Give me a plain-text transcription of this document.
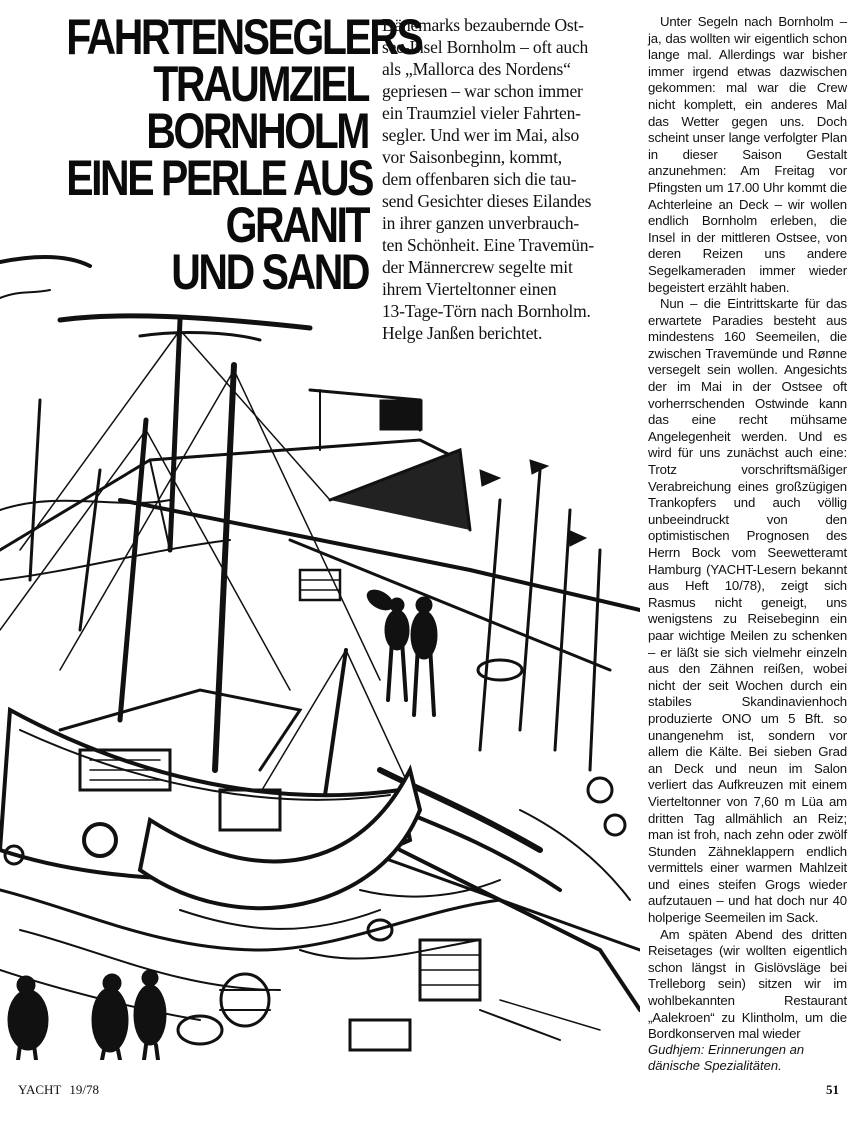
FAHRTENSEGLERS
TRAUMZIEL
BORNHOLM
EINE PERLE AUS
GRANIT
UND SAND
Dänemarks bezaubernde Ost-
see-Insel Bornholm – oft auch
als „Mallorca des Nordens“
gepriesen – war schon immer
ein Traumziel vieler Fahrten-
segler. Und wer im Mai, also
vor Saisonbeginn, kommt,
dem offenbaren sich die tau-
send Gesichter dieses Eilandes
in ihrer ganzen unverbrauch-
ten Schönheit. Eine Travemün-
der Männercrew segelte mit
ihrem Vierteltonner einen
13-Tage-Törn nach Bornholm.
Helge Janßen berichtet.

Unter Segeln nach Bornholm – ja, das wollten wir eigentlich schon lange mal. Allerdings war bisher immer irgend etwas dazwischen gekommen: mal war die Crew nicht komplett, ein anderes Mal das Wetter gegen uns. Doch scheint unser lange verfolgter Plan in dieser Saison Gestalt anzunehmen: Am Freitag vor Pfingsten um 17.00 Uhr kommt die Achterleine an Deck – wir wollen endlich Bornholm erleben, die Insel in der mittleren Ostsee, von deren Reizen uns andere Segelkameraden immer wieder begeistert erzählt haben.

Nun – die Eintrittskarte für das erwartete Paradies besteht aus mindestens 160 Seemeilen, die zwischen Travemünde und Rønne versegelt sein wollen. Angesichts der im Mai in der Ostsee oft vorherrschenden Ostwinde kann das eine recht mühsame Angelegenheit werden. Und es wird für uns zunächst auch eine: Trotz vorschriftsmäßiger Verabreichung eines großzügigen Trankopfers und auch völlig unbeeindruckt von den optimistischen Prognosen des Herrn Bock vom Seewetteramt Hamburg (YACHT-Lesern bekannt aus Heft 10/78), zeigt sich Rasmus nicht geneigt, uns wenigstens zu Reisebeginn ein paar wichtige Meilen zu schenken – er läßt sie sich vielmehr einzeln aus den Zähnen reißen, wobei nicht der seit Wochen durch ein stabiles Skandinavienhoch produzierte ONO um 5 Bft. so unangenehm ist, sondern vor allem die Kälte. Bei sieben Grad an Deck und neun im Salon verliert das Aufkreuzen mit einem Vierteltonner von 7,60 m Lüa am dritten Tag allmählich an Reiz; man ist froh, nach zehn oder zwölf Stunden Zähneklappern endlich vermittels einer warmen Mahlzeit und eines steifen Grogs wieder aufzutauen – und hat doch nur 40 holperige Seemeilen im Sack.

Am späten Abend des dritten Reisetages (wir wollten eigentlich schon längst in Gislövsläge bei Trelleborg sein) sitzen wir im wohlbekannten Restaurant „Aalekroen“ zu Klintholm, um die Bordkonserven mal wieder

Gudhjem: Erinnerungen an dänische Spezialitäten.
YACHT 19/78	51
